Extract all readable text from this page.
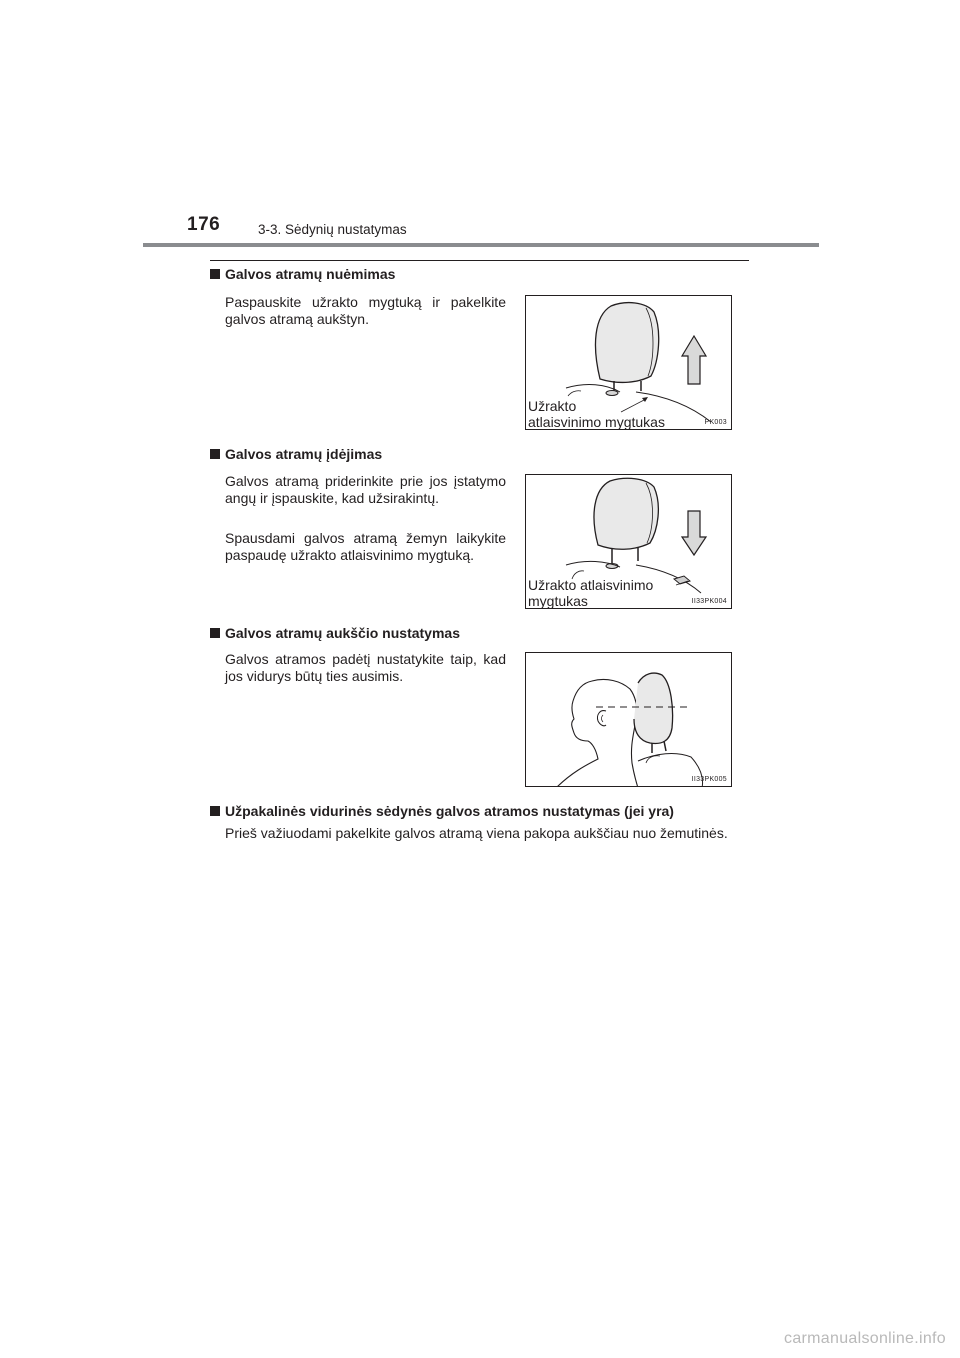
176	3-3. Sėdynių nustatymas
Galvos atramų nuėmimas
Paspauskite užrakto mygtuką ir pakelkite galvos atramą aukštyn.
Užrakto
atlaisvinimo mygtukas	PK003
Galvos atramų įdėjimas
Galvos atramą priderinkite prie jos įstatymo angų ir įspauskite, kad užsirakintų.
Spausdami galvos atramą žemyn laikykite paspaudę užrakto atlaisvinimo mygtuką.
Užrakto atlaisvinimo
mygtukas	II33PK004
Galvos atramų aukščio nustatymas
Galvos atramos padėtį nustatykite taip, kad jos vidurys būtų ties ausimis.
II33PK005
Užpakalinės vidurinės sėdynės galvos atramos nustatymas (jei yra)
Prieš važiuodami pakelkite galvos atramą viena pakopa aukščiau nuo žemutinės.
carmanualsonline.info
